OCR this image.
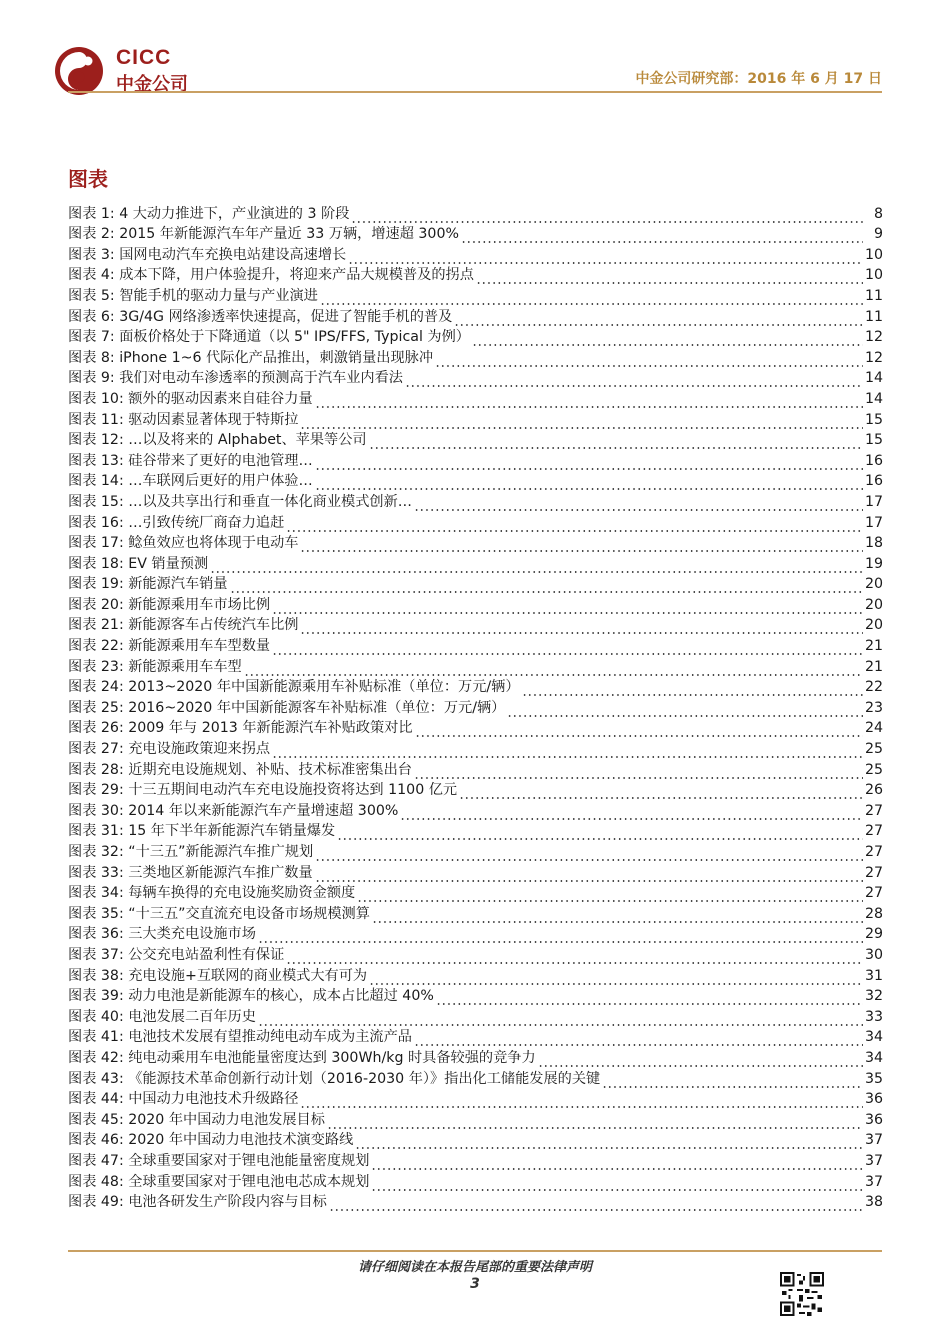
CICC
中金公司	中金公司研究部：2016 年 6 月 17 日
图表
图表 1: 4 大动力推进下，产业演进的 3 阶段	8
图表 2: 2015 年新能源汽车年产量近 33 万辆，增速超 300%	9
图表 3: 国网电动汽车充换电站建设高速增长	10
图表 4: 成本下降，用户体验提升，将迎来产品大规模普及的拐点	10
图表 5: 智能手机的驱动力量与产业演进	11
图表 6: 3G/4G 网络渗透率快速提高，促进了智能手机的普及	11
图表 7: 面板价格处于下降通道（以 5" IPS/FFS, Typical 为例）	12
图表 8: iPhone 1~6 代际化产品推出，刺激销量出现脉冲	12
图表 9: 我们对电动车渗透率的预测高于汽车业内看法	14
图表 10: 额外的驱动因素来自硅谷力量	14
图表 11: 驱动因素显著体现于特斯拉	15
图表 12: …以及将来的 Alphabet、苹果等公司	15
图表 13: 硅谷带来了更好的电池管理…	16
图表 14: …车联网后更好的用户体验…	16
图表 15: …以及共享出行和垂直一体化商业模式创新…	17
图表 16: …引致传统厂商奋力追赶	17
图表 17: 鲶鱼效应也将体现于电动车	18
图表 18: EV 销量预测	19
图表 19: 新能源汽车销量	20
图表 20: 新能源乘用车市场比例	20
图表 21: 新能源客车占传统汽车比例	20
图表 22: 新能源乘用车车型数量	21
图表 23: 新能源乘用车车型	21
图表 24: 2013~2020 年中国新能源乘用车补贴标准（单位：万元/辆）	22
图表 25: 2016~2020 年中国新能源客车补贴标准（单位：万元/辆）	23
图表 26: 2009 年与 2013 年新能源汽车补贴政策对比	24
图表 27: 充电设施政策迎来拐点	25
图表 28: 近期充电设施规划、补贴、技术标准密集出台	25
图表 29: 十三五期间电动汽车充电设施投资将达到 1100 亿元	26
图表 30: 2014 年以来新能源汽车产量增速超 300%	27
图表 31: 15 年下半年新能源汽车销量爆发	27
图表 32: “十三五”新能源汽车推广规划	27
图表 33: 三类地区新能源汽车推广数量	27
图表 34: 每辆车换得的充电设施奖励资金额度	27
图表 35: “十三五”交直流充电设备市场规模测算	28
图表 36: 三大类充电设施市场	29
图表 37: 公交充电站盈利性有保证	30
图表 38: 充电设施+互联网的商业模式大有可为	31
图表 39: 动力电池是新能源车的核心，成本占比超过 40%	32
图表 40: 电池发展二百年历史	33
图表 41: 电池技术发展有望推动纯电动车成为主流产品	34
图表 42: 纯电动乘用车电池能量密度达到 300Wh/kg 时具备较强的竞争力	34
图表 43: 《能源技术革命创新行动计划（2016-2030 年）》指出化工储能发展的关键	35
图表 44: 中国动力电池技术升级路径	36
图表 45: 2020 年中国动力电池发展目标	36
图表 46: 2020 年中国动力电池技术演变路线	37
图表 47: 全球重要国家对于锂电池能量密度规划	37
图表 48: 全球重要国家对于锂电池电芯成本规划	37
图表 49: 电池各研发生产阶段内容与目标	38
请仔细阅读在本报告尾部的重要法律声明
3
